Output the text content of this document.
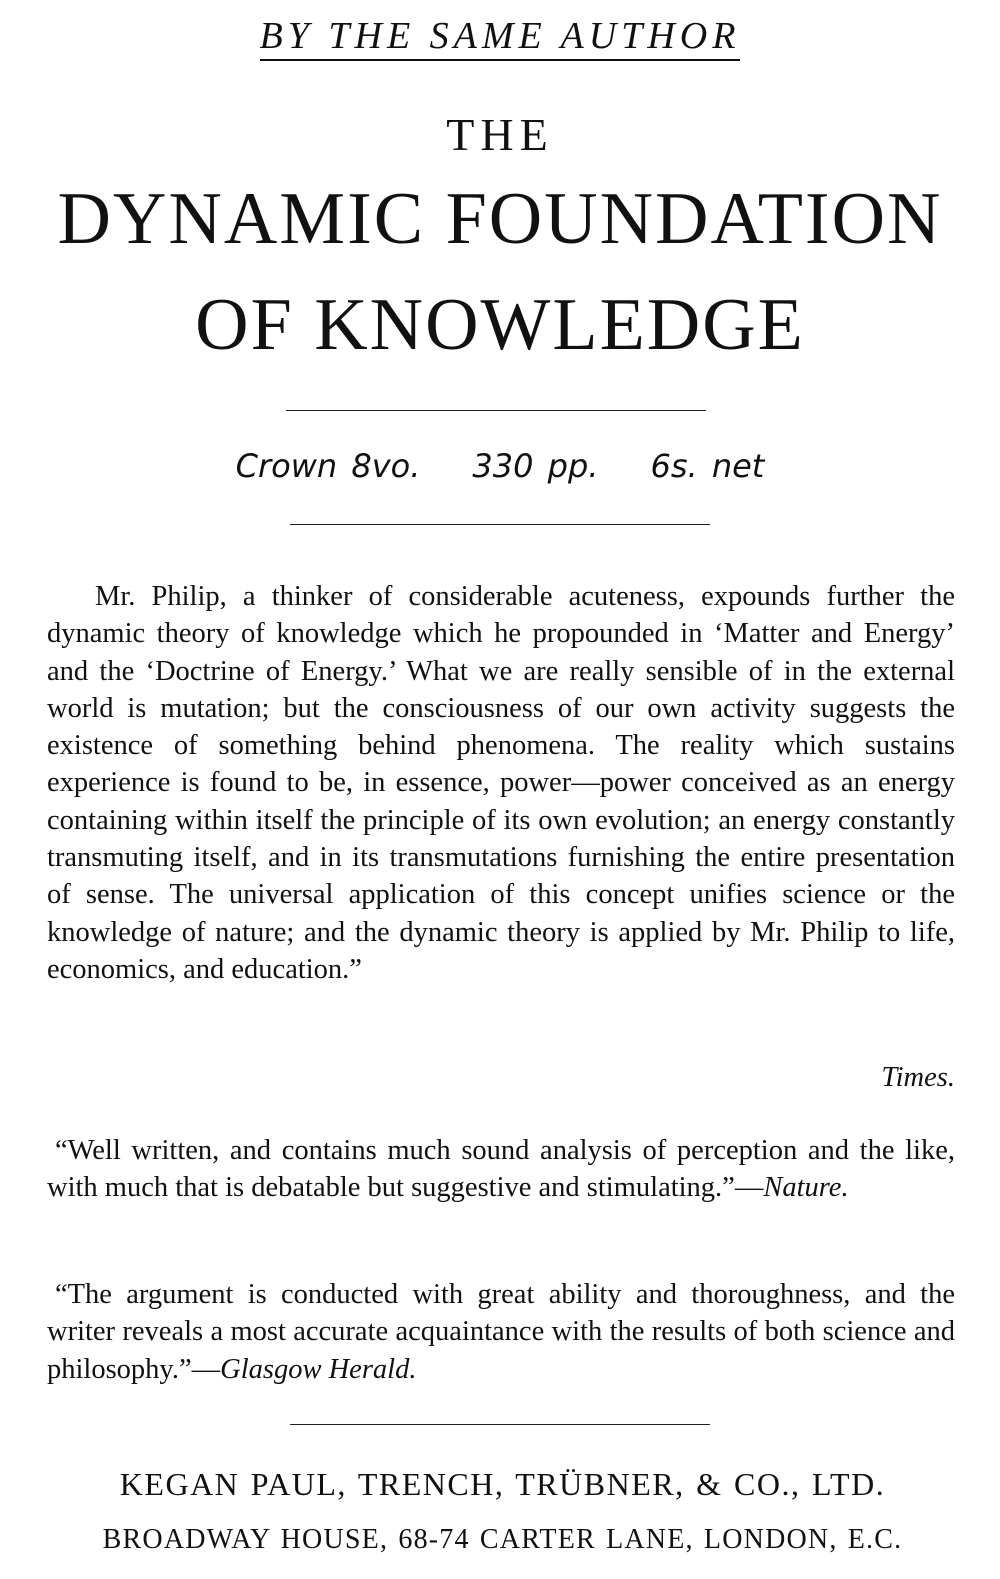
BY THE SAME AUTHOR
THE
DYNAMIC FOUNDATION
OF KNOWLEDGE
Crown 8vo. 330 pp. 6s. net

Mr. Philip, a thinker of considerable acuteness, expounds further the dynamic theory of knowledge which he propounded in ‘Matter and Energy’ and the ‘Doctrine of Energy.’ What we are really sensible of in the external world is mutation; but the consciousness of our own activity suggests the existence of something behind phenomena. The reality which sustains experience is found to be, in essence, power—power conceived as an energy containing within itself the principle of its own evolution; an energy constantly transmuting itself, and in its transmutations furnishing the entire presentation of sense. The universal application of this concept unifies science or the knowledge of nature; and the dynamic theory is applied by Mr. Philip to life, economics, and education.”

Times.

“Well written, and contains much sound analysis of perception and the like, with much that is debatable but suggestive and stimulating.”—Nature.

“The argument is conducted with great ability and thoroughness, and the writer reveals a most accurate acquaintance with the results of both science and philosophy.”—Glasgow Herald.

KEGAN PAUL, TRENCH, TRÜBNER, & CO., LTD.
BROADWAY HOUSE, 68-74 CARTER LANE, LONDON, E.C.
